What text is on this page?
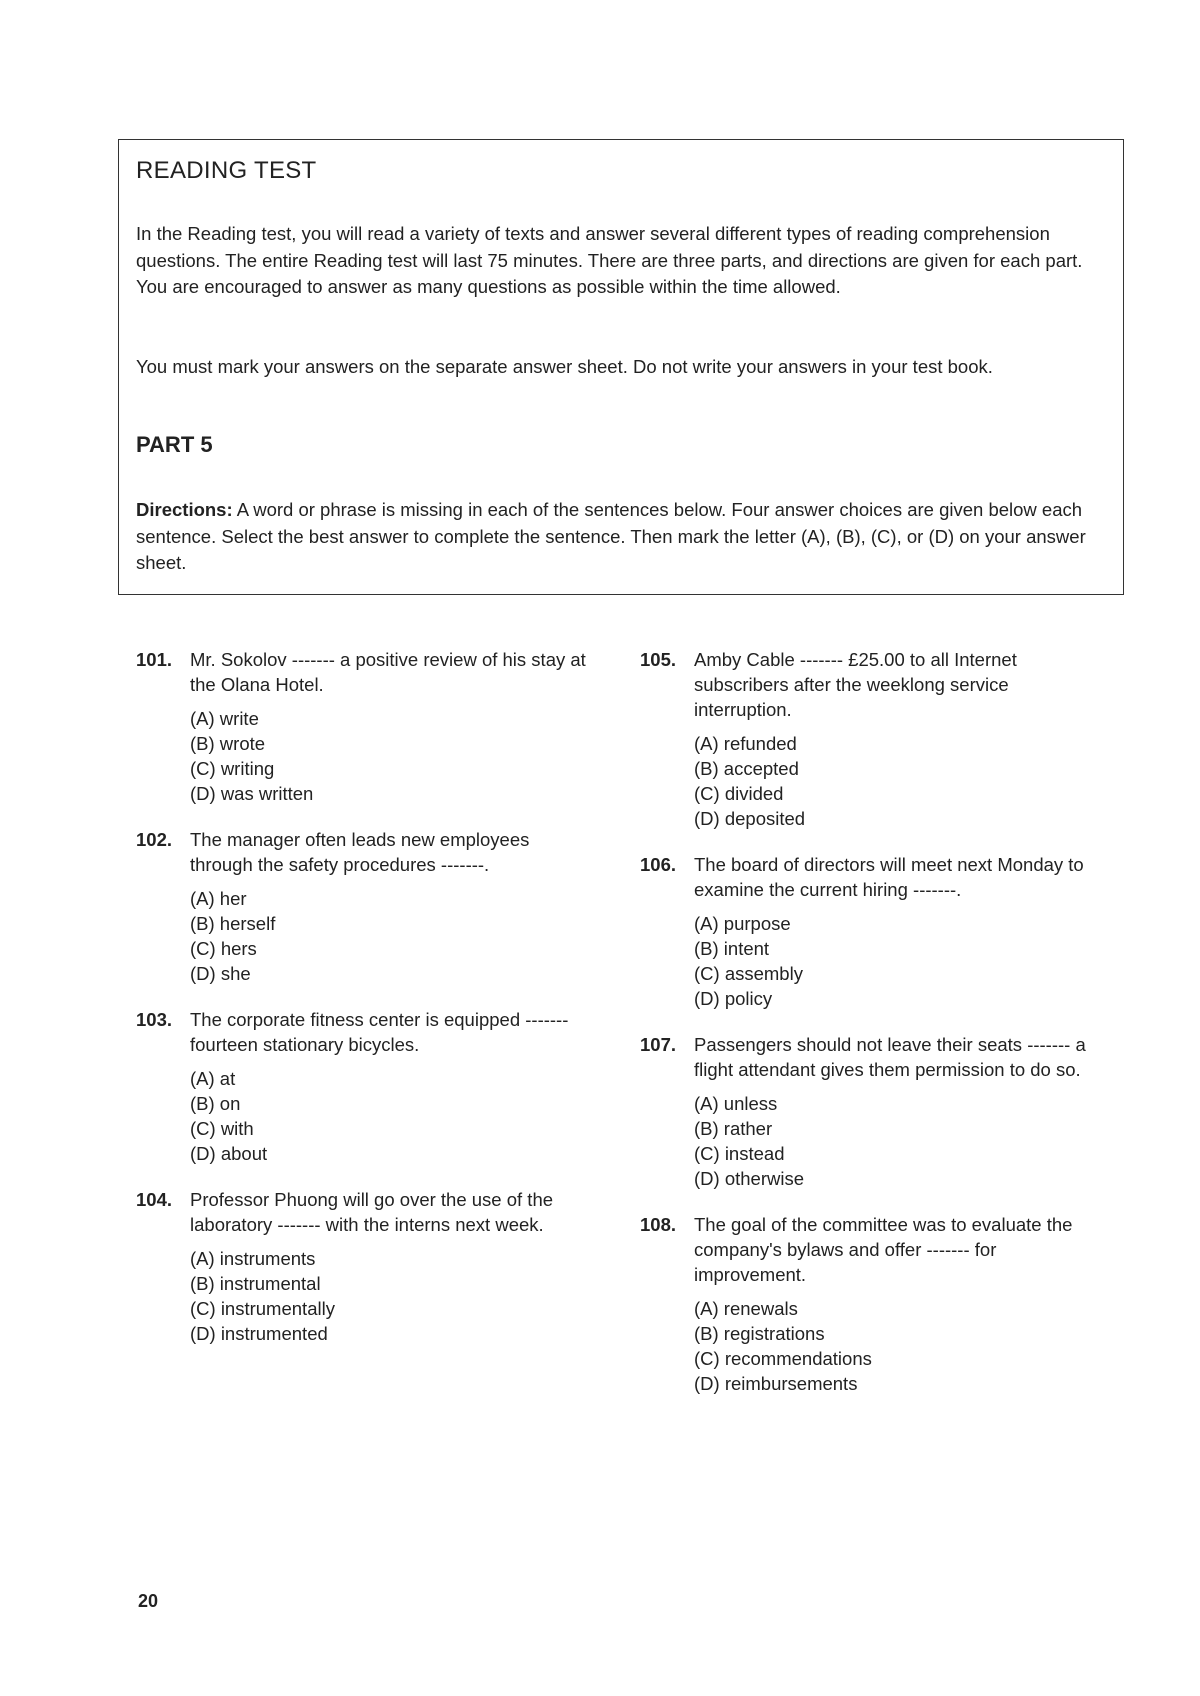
READING TEST

In the Reading test, you will read a variety of texts and answer several different types of reading comprehension questions. The entire Reading test will last 75 minutes. There are three parts, and directions are given for each part. You are encouraged to answer as many questions as possible within the time allowed.

You must mark your answers on the separate answer sheet. Do not write your answers in your test book.

PART 5

Directions: A word or phrase is missing in each of the sentences below. Four answer choices are given below each sentence. Select the best answer to complete the sentence. Then mark the letter (A), (B), (C), or (D) on your answer sheet.

101. Mr. Sokolov ------- a positive review of his stay at the Olana Hotel.

(A) write
(B) wrote
(C) writing
(D) was written
102. The manager often leads new employees through the safety procedures -------.

(A) her
(B) herself
(C) hers
(D) she
103. The corporate fitness center is equipped ------- fourteen stationary bicycles.

(A) at
(B) on
(C) with
(D) about
104. Professor Phuong will go over the use of the laboratory ------- with the interns next week.

(A) instruments
(B) instrumental
(C) instrumentally
(D) instrumented
105. Amby Cable ------- £25.00 to all Internet subscribers after the weeklong service interruption.

(A) refunded
(B) accepted
(C) divided
(D) deposited
106. The board of directors will meet next Monday to examine the current hiring -------.

(A) purpose
(B) intent
(C) assembly
(D) policy
107. Passengers should not leave their seats ------- a flight attendant gives them permission to do so.

(A) unless
(B) rather
(C) instead
(D) otherwise
108. The goal of the committee was to evaluate the company's bylaws and offer ------- for improvement.

(A) renewals
(B) registrations
(C) recommendations
(D) reimbursements
20
